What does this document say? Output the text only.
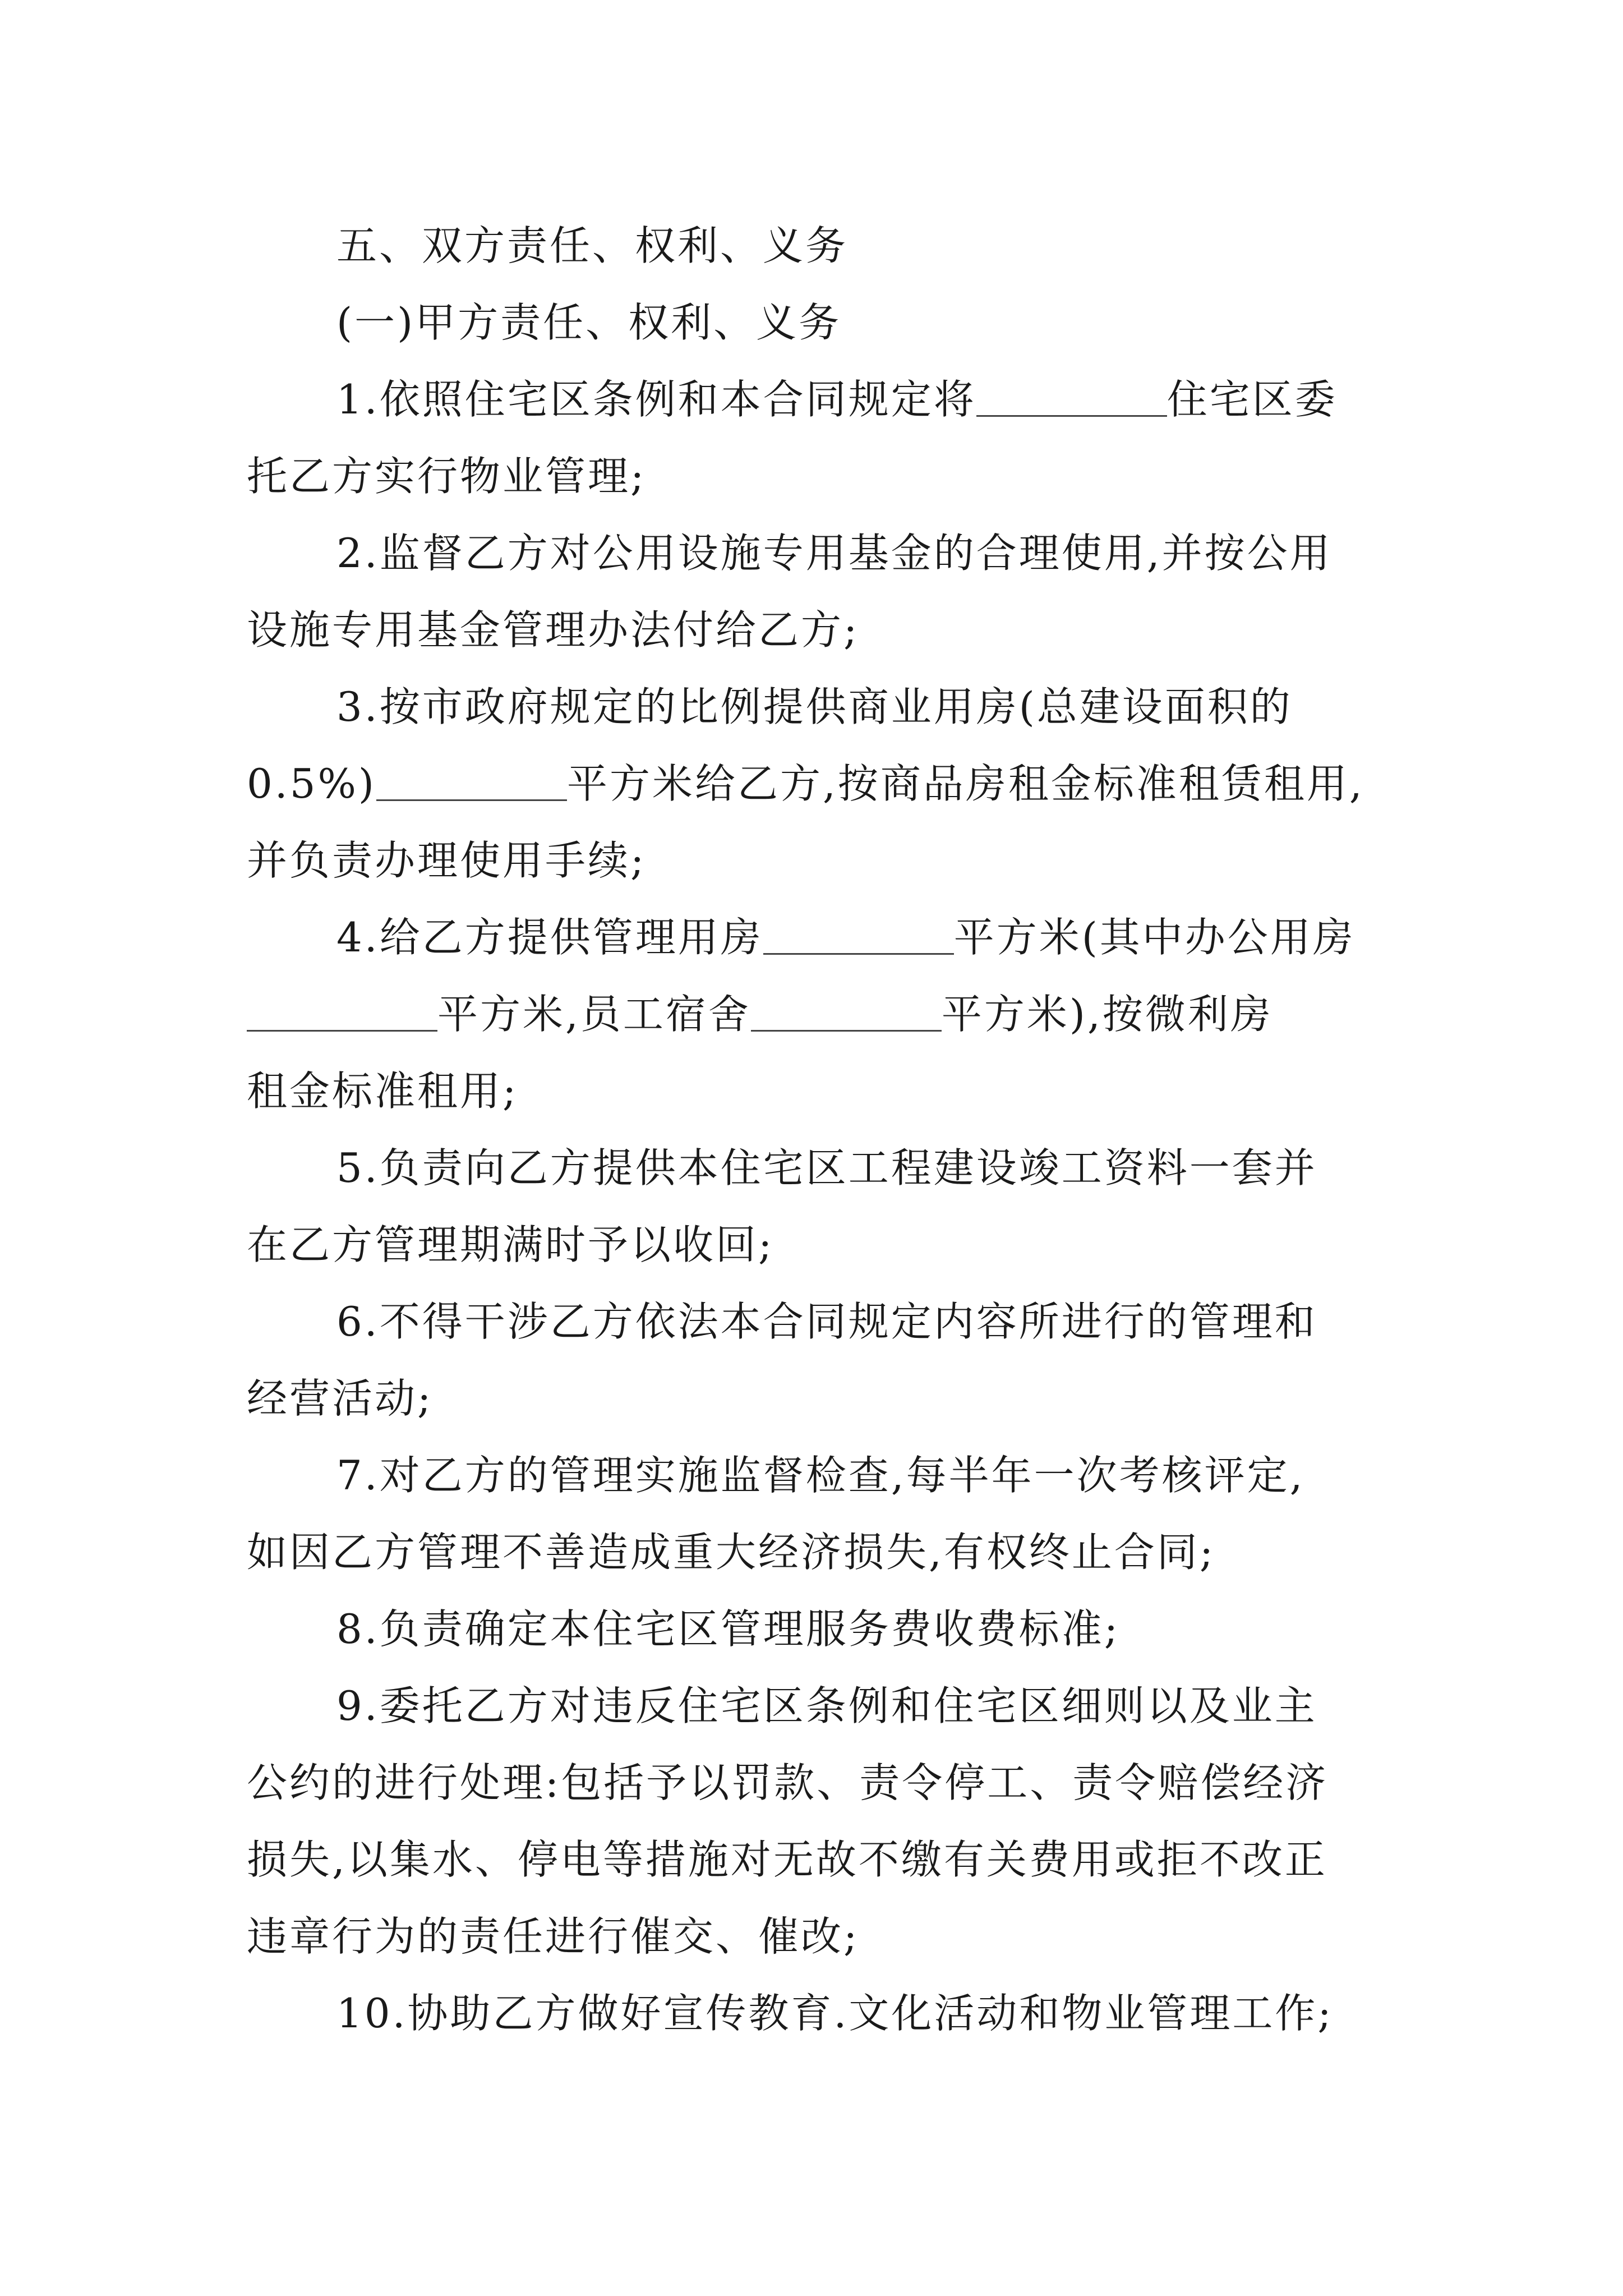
五、双方责任、权利、义务
(一)甲方责任、权利、义务
1.依照住宅区条例和本合同规定将	住宅区委
托乙方实行物业管理;
2.监督乙方对公用设施专用基金的合理使用,并按公用
设施专用基金管理办法付给乙方;
3.按市政府规定的比例提供商业用房(总建设面积的
0.5%)	平方米给乙方,按商品房租金标准租赁租用,
并负责办理使用手续;
4.给乙方提供管理用房	平方米(其中办公用房
平方米,员工宿舍	平方米),按微利房
租金标准租用;
5.负责向乙方提供本住宅区工程建设竣工资料一套并
在乙方管理期满时予以收回;
6.不得干涉乙方依法本合同规定内容所进行的管理和
经营活动;
7.对乙方的管理实施监督检查,每半年一次考核评定,
如因乙方管理不善造成重大经济损失,有权终止合同;
8.负责确定本住宅区管理服务费收费标准;
9.委托乙方对违反住宅区条例和住宅区细则以及业主
公约的进行处理:包括予以罚款、责令停工、责令赔偿经济
损失,以集水、停电等措施对无故不缴有关费用或拒不改正
违章行为的责任进行催交、催改;
10.协助乙方做好宣传教育.文化活动和物业管理工作;
